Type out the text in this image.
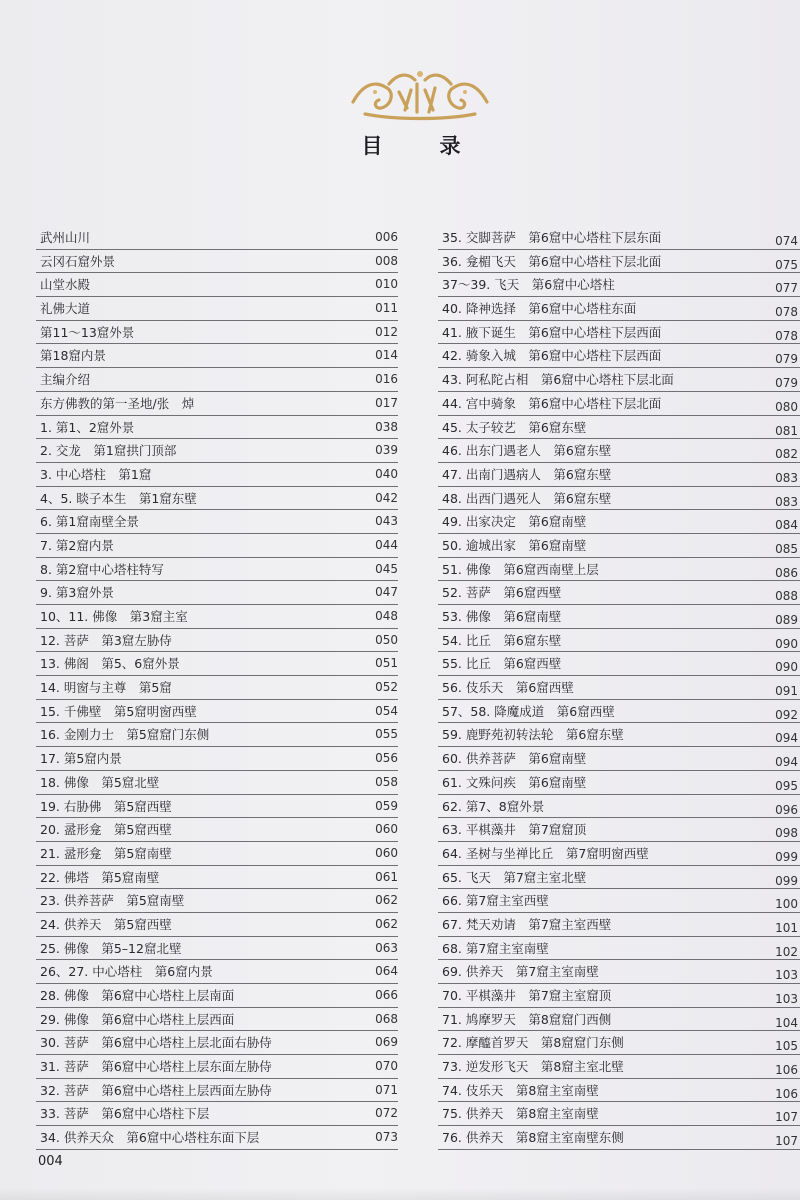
目　录
武州山川	006
云冈石窟外景	008
山堂水殿	010
礼佛大道	011
第11～13窟外景	012
第18窟内景	014
主编介绍	016
东方佛教的第一圣地/张　焯	017
1. 第1、2窟外景	038
2. 交龙　第1窟拱门顶部	039
3. 中心塔柱　第1窟	040
4、5. 睒子本生　第1窟东壁	042
6. 第1窟南壁全景	043
7. 第2窟内景	044
8. 第2窟中心塔柱特写	045
9. 第3窟外景	047
10、11. 佛像　第3窟主室	048
12. 菩萨　第3窟左胁侍	050
13. 佛阁　第5、6窟外景	051
14. 明窗与主尊　第5窟	052
15. 千佛壁　第5窟明窗西壁	054
16. 金刚力士　第5窟窟门东侧	055
17. 第5窟内景	056
18. 佛像　第5窟北壁	058
19. 右胁佛　第5窟西壁	059
20. 盝形龛　第5窟西壁	060
21. 盝形龛　第5窟南壁	060
22. 佛塔　第5窟南壁	061
23. 供养菩萨　第5窟南壁	062
24. 供养天　第5窟西壁	062
25. 佛像　第5–12窟北壁	063
26、27. 中心塔柱　第6窟内景	064
28. 佛像　第6窟中心塔柱上层南面	066
29. 佛像　第6窟中心塔柱上层西面	068
30. 菩萨　第6窟中心塔柱上层北面右胁侍	069
31. 菩萨　第6窟中心塔柱上层东面左胁侍	070
32. 菩萨　第6窟中心塔柱上层西面左胁侍	071
33. 菩萨　第6窟中心塔柱下层	072
34. 供养天众　第6窟中心塔柱东面下层	073
35. 交脚菩萨　第6窟中心塔柱下层东面	074
36. 龛楣飞天　第6窟中心塔柱下层北面	075
37～39. 飞天　第6窟中心塔柱	077
40. 降神选择　第6窟中心塔柱东面	078
41. 腋下诞生　第6窟中心塔柱下层西面	078
42. 骑象入城　第6窟中心塔柱下层西面	079
43. 阿私陀占相　第6窟中心塔柱下层北面	079
44. 宫中骑象　第6窟中心塔柱下层北面	080
45. 太子较艺　第6窟东壁	081
46. 出东门遇老人　第6窟东壁	082
47. 出南门遇病人　第6窟东壁	083
48. 出西门遇死人　第6窟东壁	083
49. 出家决定　第6窟南壁	084
50. 逾城出家　第6窟南壁	085
51. 佛像　第6窟西南壁上层	086
52. 菩萨　第6窟西壁	088
53. 佛像　第6窟南壁	089
54. 比丘　第6窟东壁	090
55. 比丘　第6窟西壁	090
56. 伎乐天　第6窟西壁	091
57、58. 降魔成道　第6窟西壁	092
59. 鹿野苑初转法轮　第6窟东壁	094
60. 供养菩萨　第6窟南壁	094
61. 文殊问疾　第6窟南壁	095
62. 第7、8窟外景	096
63. 平棋藻井　第7窟窟顶	098
64. 圣树与坐禅比丘　第7窟明窗西壁	099
65. 飞天　第7窟主室北壁	099
66. 第7窟主室西壁	100
67. 梵天劝请　第7窟主室西壁	101
68. 第7窟主室南壁	102
69. 供养天　第7窟主室南壁	103
70. 平棋藻井　第7窟主室窟顶	103
71. 鸠摩罗天　第8窟窟门西侧	104
72. 摩醯首罗天　第8窟窟门东侧	105
73. 逆发形飞天　第8窟主室北壁	106
74. 伎乐天　第8窟主室南壁	106
75. 供养天　第8窟主室南壁	107
76. 供养天　第8窟主室南壁东侧	107
004
